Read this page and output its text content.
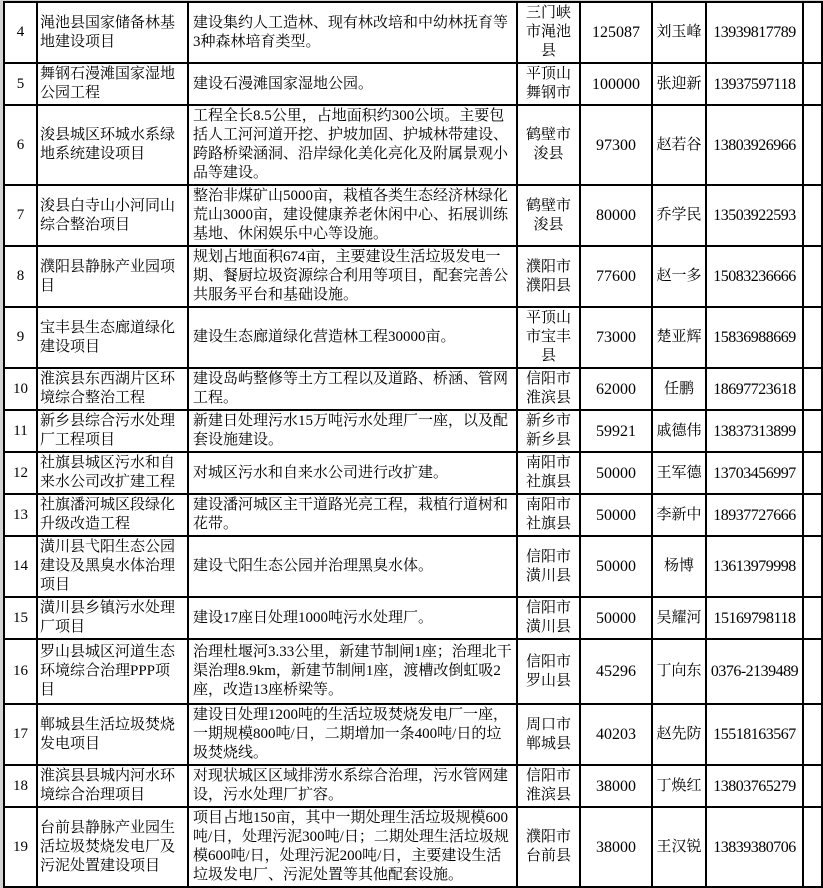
4	渑池县国家储备林基地建设项目	建设集约人工造林、现有林改培和中幼林抚育等3种森林培育类型。	三门峡市渑池县	125087	刘玉峰	13939817789	
5	舞钢石漫滩国家湿地公园工程	建设石漫滩国家湿地公园。	平顶山舞钢市	100000	张迎新	13937597118	
6	浚县城区环城水系绿地系统建设项目	工程全长8.5公里，占地面积约300公顷。主要包括人工河河道开挖、护坡加固、护城林带建设、跨路桥梁涵洞、沿岸绿化美化亮化及附属景观小品等建设。	鹤壁市浚县	97300	赵若谷	13803926966	
7	浚县白寺山小河同山综合整治项目	整治非煤矿山5000亩，栽植各类生态经济林绿化荒山3000亩，建设健康养老休闲中心、拓展训练基地、休闲娱乐中心等设施。	鹤壁市浚县	80000	乔学民	13503922593	
8	濮阳县静脉产业园项目	规划占地面积674亩，主要建设生活垃圾发电一期、餐厨垃圾资源综合利用等项目，配套完善公共服务平台和基础设施。	濮阳市濮阳县	77600	赵一多	15083236666	
9	宝丰县生态廊道绿化建设项目	建设生态廊道绿化营造林工程30000亩。	平顶山市宝丰县	73000	楚亚辉	15836988669	
10	淮滨县东西湖片区环境综合整治工程	建设岛屿整修等土方工程以及道路、桥涵、管网工程。	信阳市淮滨县	62000	任鹏	18697723618	
11	新乡县综合污水处理厂工程项目	新建日处理污水15万吨污水处理厂一座，以及配套设施建设。	新乡市新乡县	59921	戚德伟	13837313899	
12	社旗县城区污水和自来水公司改扩建工程	对城区污水和自来水公司进行改扩建。	南阳市社旗县	50000	王军德	13703456997	
13	社旗潘河城区段绿化升级改造工程	建设潘河城区主干道路光亮工程，栽植行道树和花带。	南阳市社旗县	50000	李新中	18937727666	
14	潢川县弋阳生态公园建设及黑臭水体治理项目	建设弋阳生态公园并治理黑臭水体。	信阳市潢川县	50000	杨博	13613979998	
15	潢川县乡镇污水处理厂项目	建设17座日处理1000吨污水处理厂。	信阳市潢川县	50000	吴耀河	15169798118	
16	罗山县城区河道生态环境综合治理PPP项目	治理杜堰河3.33公里，新建节制闸1座；治理北干渠治理8.9km，新建节制闸1座，渡槽改倒虹吸2座，改造13座桥梁等。	信阳市罗山县	45296	丁向东	0376-2139489	
17	郸城县生活垃圾焚烧发电项目	建设日处理1200吨的生活垃圾焚烧发电厂一座，一期规模800吨/日，二期增加一条400吨/日的垃圾焚烧线。	周口市郸城县	40203	赵先防	15518163567	
18	淮滨县县城内河水环境综合治理项目	对现状城区区域排涝水系综合治理，污水管网建设，污水处理厂扩容。	信阳市淮滨县	38000	丁焕红	13803765279	
19	台前县静脉产业园生活垃圾焚烧发电厂及污泥处置建设项目	项目占地150亩，其中一期处理生活垃圾规模600吨/日，处理污泥300吨/日；二期处理生活垃圾规模600吨/日，处理污泥200吨/日，主要建设生活垃圾发电厂、污泥处置等其他配套设施。	濮阳市台前县	38000	王汉锐	13839380706	
